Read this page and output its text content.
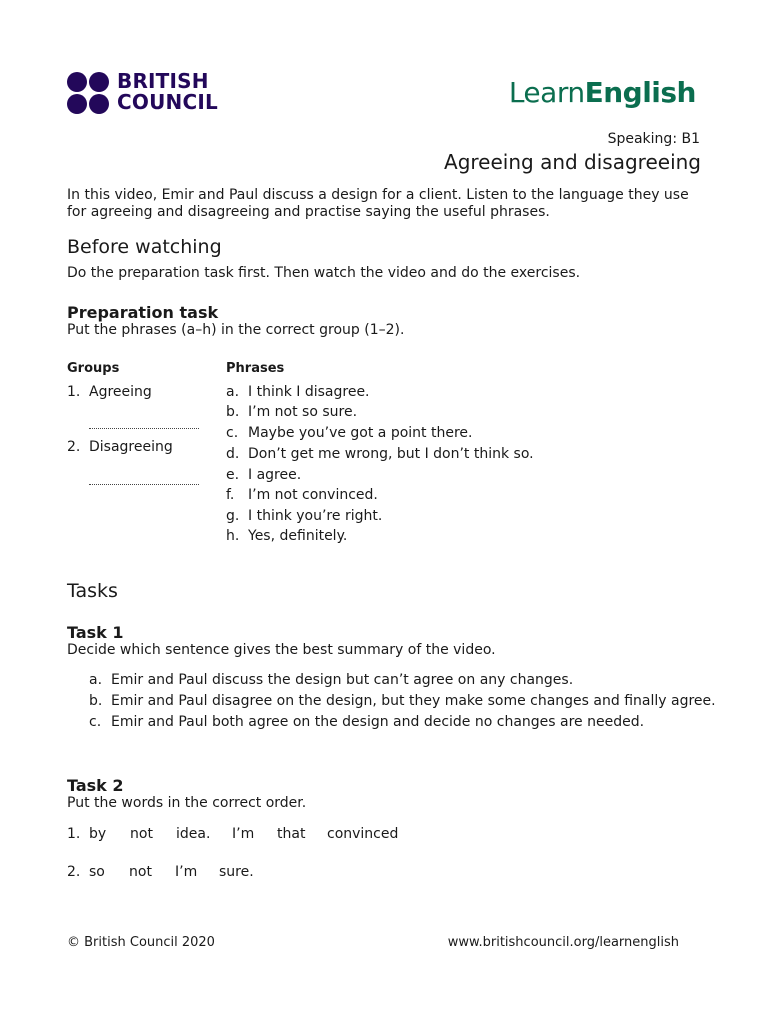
BRITISH
COUNCIL	LearnEnglish
Speaking: B1
Agreeing and disagreeing
In this video, Emir and Paul discuss a design for a client. Listen to the language they use for agreeing and disagreeing and practise saying the useful phrases.
Before watching
Do the preparation task first. Then watch the video and do the exercises.
Preparation task
Put the phrases (a–h) in the correct group (1–2).
Groups	Phrases
1. Agreeing
2. Disagreeing
a. I think I disagree.
b. I’m not so sure.
c. Maybe you’ve got a point there.
d. Don’t get me wrong, but I don’t think so.
e. I agree.
f. I’m not convinced.
g. I think you’re right.
h. Yes, definitely.
Tasks
Task 1
Decide which sentence gives the best summary of the video.
a. Emir and Paul discuss the design but can’t agree on any changes.
b. Emir and Paul disagree on the design, but they make some changes and finally agree.
c. Emir and Paul both agree on the design and decide no changes are needed.
Task 2
Put the words in the correct order.
1. by not idea. I’m that convinced
2. so not I’m sure.
© British Council 2020	www.britishcouncil.org/learnenglish
